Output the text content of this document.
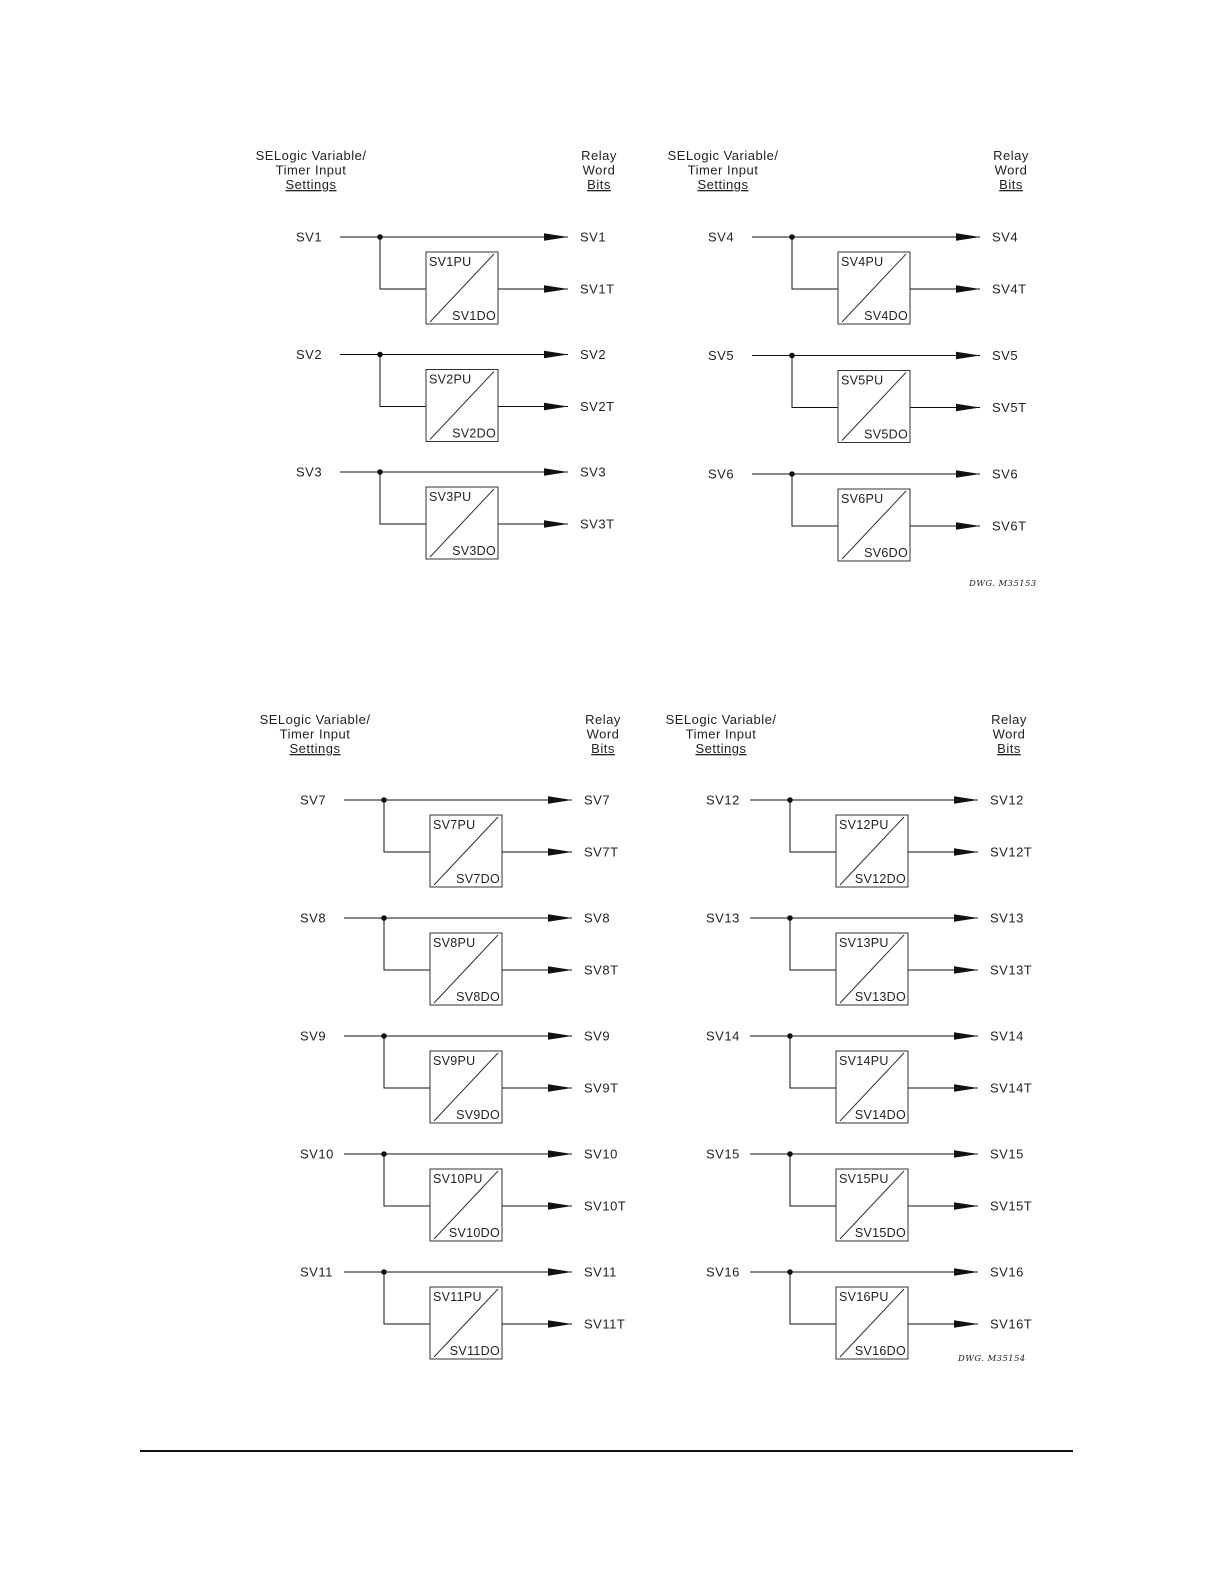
SELogic Variable/
Timer Input
Settings
Relay
Word
Bits
SV1
SV1PU
SV1DO
SV1
SV1T
SV2
SV2PU
SV2DO
SV2
SV2T
SV3
SV3PU
SV3DO
SV3
SV3T
SELogic Variable/
Timer Input
Settings
Relay
Word
Bits
SV4
SV4PU
SV4DO
SV4
SV4T
SV5
SV5PU
SV5DO
SV5
SV5T
SV6
SV6PU
SV6DO
SV6
SV6T
DWG. M35153
SELogic Variable/
Timer Input
Settings
Relay
Word
Bits
SV7
SV7PU
SV7DO
SV7
SV7T
SV8
SV8PU
SV8DO
SV8
SV8T
SV9
SV9PU
SV9DO
SV9
SV9T
SV10
SV10PU
SV10DO
SV10
SV10T
SV11
SV11PU
SV11DO
SV11
SV11T
SELogic Variable/
Timer Input
Settings
Relay
Word
Bits
SV12
SV12PU
SV12DO
SV12
SV12T
SV13
SV13PU
SV13DO
SV13
SV13T
SV14
SV14PU
SV14DO
SV14
SV14T
SV15
SV15PU
SV15DO
SV15
SV15T
SV16
SV16PU
SV16DO
SV16
SV16T
DWG. M35154
